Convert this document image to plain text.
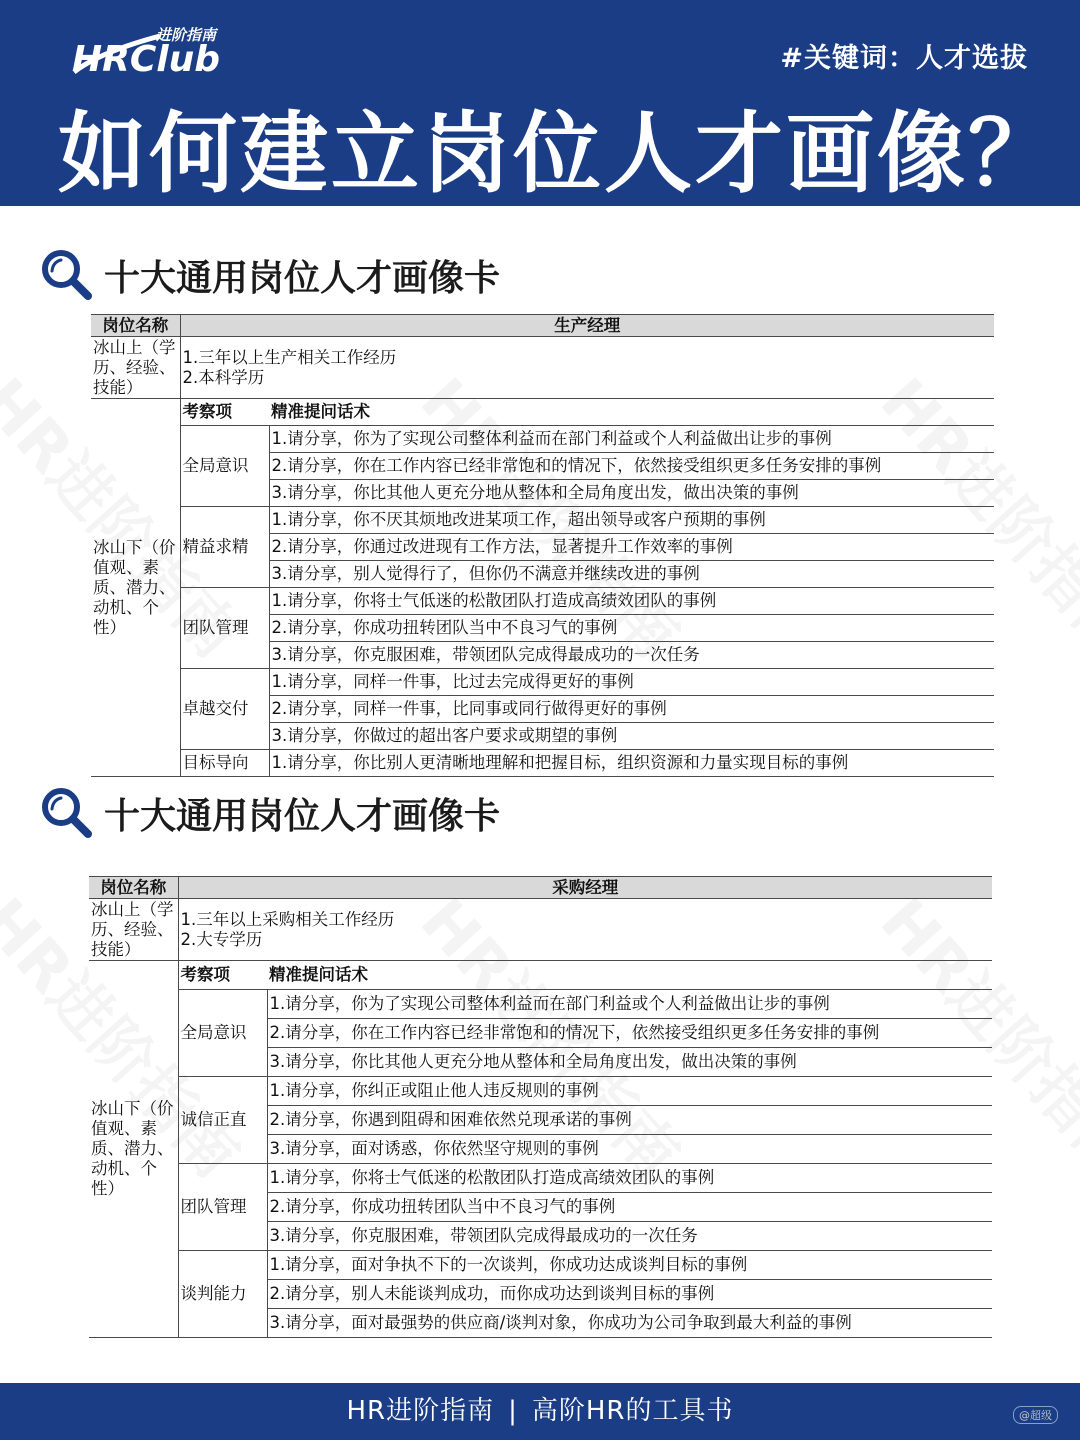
进阶指南
HRClub	#关键词：人才选拔
如何建立岗位人才画像？
十大通用岗位人才画像卡
岗位名称	生产经理	
冰山上（学历、经验、技能）	1.三年以上生产相关工作经历
2.本科学历	

冰山下（价值观、素质、潜力、动机、个性）	考察项	精准提问话术
	全局意识	1.请分享，你为了实现公司整体利益而在部门利益或个人利益做出让步的事例
		2.请分享，你在工作内容已经非常饱和的情况下，依然接受组织更多任务安排的事例
		3.请分享，你比其他人更充分地从整体和全局角度出发，做出决策的事例
	精益求精	1.请分享，你不厌其烦地改进某项工作，超出领导或客户预期的事例
		2.请分享，你通过改进现有工作方法，显著提升工作效率的事例
		3.请分享，别人觉得行了，但你仍不满意并继续改进的事例
	团队管理	1.请分享，你将士气低迷的松散团队打造成高绩效团队的事例
		2.请分享，你成功扭转团队当中不良习气的事例
		3.请分享，你克服困难，带领团队完成得最成功的一次任务
	卓越交付	1.请分享，同样一件事，比过去完成得更好的事例
		2.请分享，同样一件事，比同事或同行做得更好的事例
		3.请分享，你做过的超出客户要求或期望的事例
	目标导向	1.请分享，你比别人更清晰地理解和把握目标，组织资源和力量实现目标的事例
十大通用岗位人才画像卡
岗位名称	采购经理	
冰山上（学历、经验、技能）	1.三年以上采购相关工作经历
2.大专学历	

冰山下（价值观、素质、潜力、动机、个性）	考察项	精准提问话术
	全局意识	1.请分享，你为了实现公司整体利益而在部门利益或个人利益做出让步的事例
		2.请分享，你在工作内容已经非常饱和的情况下，依然接受组织更多任务安排的事例
		3.请分享，你比其他人更充分地从整体和全局角度出发，做出决策的事例
	诚信正直	1.请分享，你纠正或阻止他人违反规则的事例
		2.请分享，你遇到阻碍和困难依然兑现承诺的事例
		3.请分享，面对诱惑，你依然坚守规则的事例
	团队管理	1.请分享，你将士气低迷的松散团队打造成高绩效团队的事例
		2.请分享，你成功扭转团队当中不良习气的事例
		3.请分享，你克服困难，带领团队完成得最成功的一次任务
	谈判能力	1.请分享，面对争执不下的一次谈判，你成功达成谈判目标的事例
		2.请分享，别人未能谈判成功，而你成功达到谈判目标的事例
		3.请分享，面对最强势的供应商/谈判对象，你成功为公司争取到最大利益的事例
HR进阶指南 | 高阶HR的工具书	@超级
